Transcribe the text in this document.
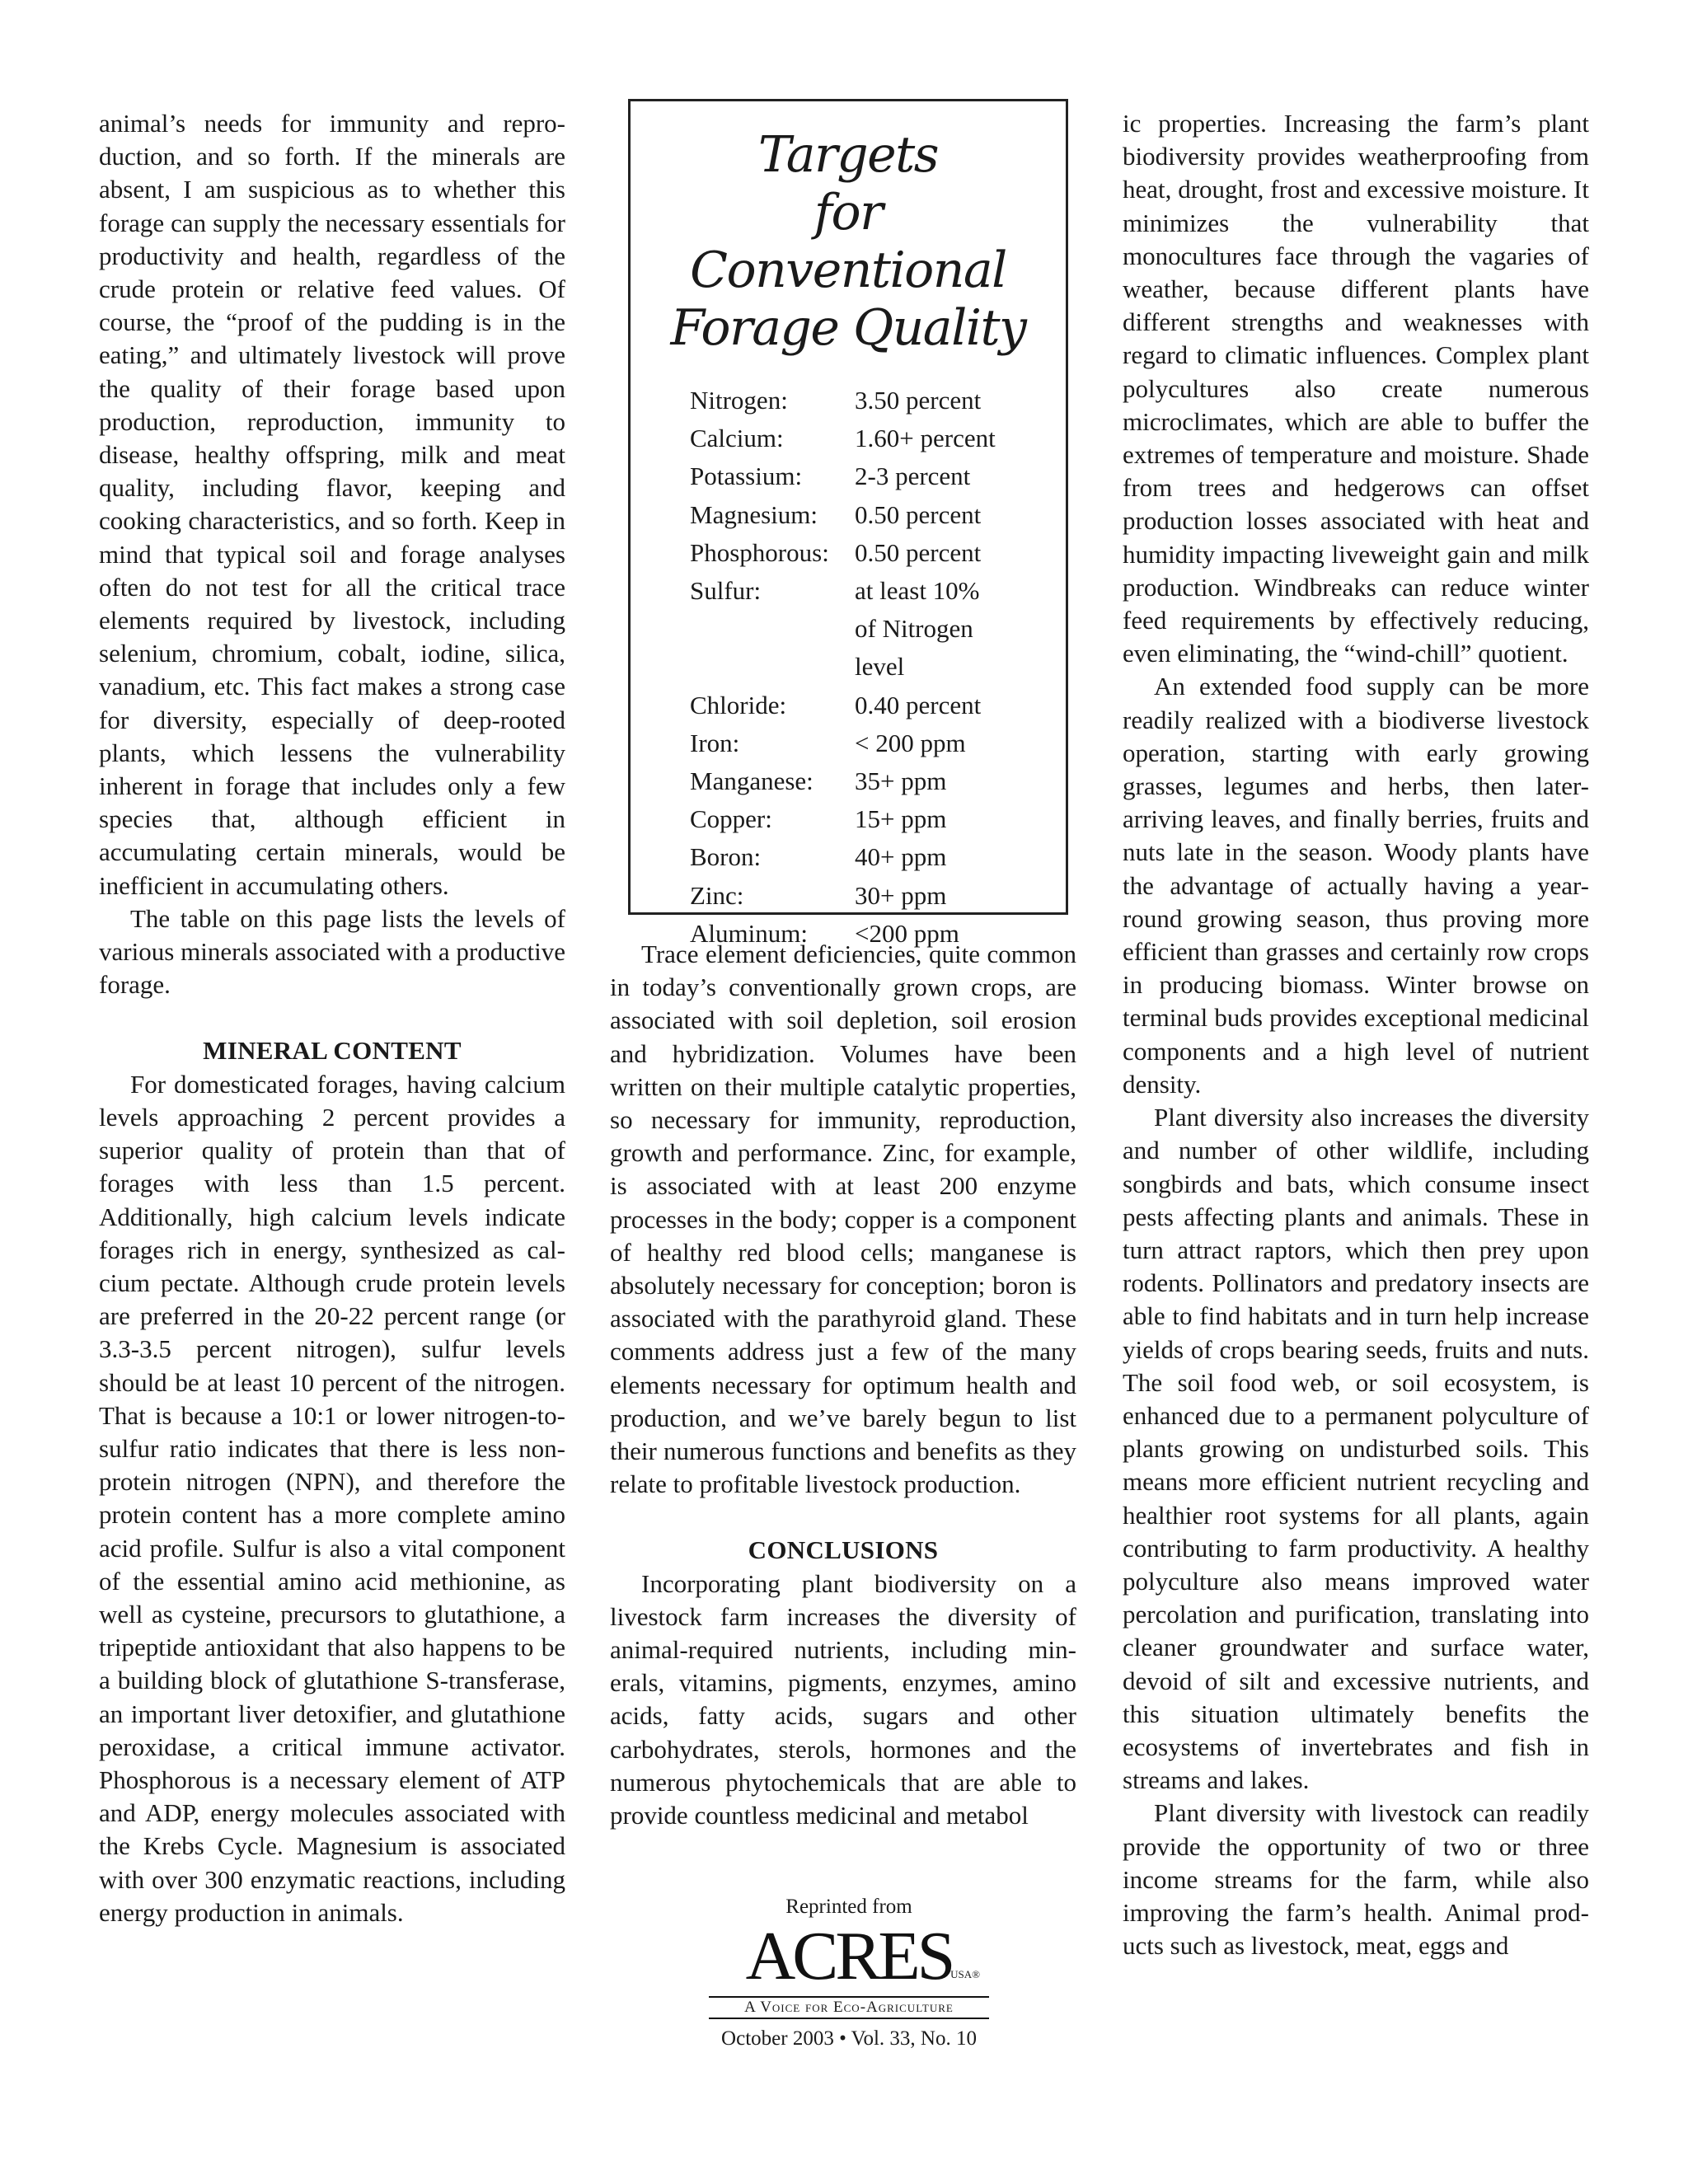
animal’s needs for immunity and reproduction, and so forth. If the minerals are absent, I am suspicious as to whether this forage can supply the necessary essentials for productivity and health, regardless of the crude protein or relative feed values. Of course, the “proof of the pudding is in the eating,” and ultimately livestock will prove the quality of their forage based upon production, reproduction, immunity to disease, healthy offspring, milk and meat quality, including flavor, keeping and cooking characteristics, and so forth. Keep in mind that typical soil and forage analyses often do not test for all the critical trace elements required by livestock, including selenium, chromium, cobalt, iodine, silica, vanadium, etc. This fact makes a strong case for diversity, especially of deep-rooted plants, which lessens the vulnerability inherent in forage that includes only a few species that, although efficient in accumulating certain minerals, would be inefficient in accumulating others.

The table on this page lists the levels of various minerals associated with a productive forage.

MINERAL CONTENT

For domesticated forages, having calcium levels approaching 2 percent provides a superior quality of protein than that of forages with less than 1.5 percent. Additionally, high calcium levels indicate forages rich in energy, synthesized as calcium pectate. Although crude protein levels are preferred in the 20-22 percent range (or 3.3-3.5 percent nitrogen), sulfur levels should be at least 10 percent of the nitrogen. That is because a 10:1 or lower nitrogen-to-sulfur ratio indicates that there is less non-protein nitrogen (NPN), and therefore the protein content has a more complete amino acid profile. Sulfur is also a vital component of the essential amino acid methionine, as well as cysteine, precursors to glutathione, a tripeptide antioxidant that also happens to be a building block of glutathione S-transferase, an important liver detoxifier, and glutathione peroxidase, a critical immune activator. Phosphorous is a necessary element of ATP and ADP, energy molecules associated with the Krebs Cycle. Magnesium is associated with over 300 enzymatic reactions, including energy production in animals.

Targets
for Conventional
Forage Quality
Nitrogen:	3.50 percent
Calcium:	1.60+ percent
Potassium:	2-3 percent
Magnesium:	0.50 percent
Phosphorous:	0.50 percent
Sulfur:	at least 10%
of Nitrogen
level
Chloride:	0.40 percent
Iron:	< 200 ppm
Manganese:	35+ ppm
Copper:	15+ ppm
Boron:	40+ ppm
Zinc:	30+ ppm
Aluminum:	<200 ppm

Trace element deficiencies, quite common in today’s conventionally grown crops, are associated with soil depletion, soil erosion and hybridization. Volumes have been written on their multiple catalytic properties, so necessary for immunity, reproduction, growth and performance. Zinc, for example, is associated with at least 200 enzyme processes in the body; copper is a component of healthy red blood cells; manganese is absolutely necessary for conception; boron is associated with the parathyroid gland. These comments address just a few of the many elements necessary for optimum health and production, and we’ve barely begun to list their numerous functions and benefits as they relate to profitable livestock production.

CONCLUSIONS

Incorporating plant biodiversity on a livestock farm increases the diversity of animal-required nutrients, including minerals, vitamins, pigments, enzymes, amino acids, fatty acids, sugars and other carbohydrates, sterols, hormones and the numerous phytochemicals that are able to provide countless medicinal and metabol

Reprinted from
ACRES
USA®
A Voice for Eco-Agriculture
October 2003 • Vol. 33, No. 10

ic properties. Increasing the farm’s plant biodiversity provides weatherproofing from heat, drought, frost and excessive moisture. It minimizes the vulnerability that monocultures face through the vagaries of weather, because different plants have different strengths and weaknesses with regard to climatic influences. Complex plant polycultures also create numerous microclimates, which are able to buffer the extremes of temperature and moisture. Shade from trees and hedgerows can offset production losses associated with heat and humidity impacting liveweight gain and milk production. Windbreaks can reduce winter feed requirements by effectively reducing, even eliminating, the “wind-chill” quotient.

An extended food supply can be more readily realized with a biodiverse livestock operation, starting with early growing grasses, legumes and herbs, then later-arriving leaves, and finally berries, fruits and nuts late in the season. Woody plants have the advantage of actually having a year-round growing season, thus proving more efficient than grasses and certainly row crops in producing biomass. Winter browse on terminal buds provides exceptional medicinal components and a high level of nutrient density.

Plant diversity also increases the diversity and number of other wildlife, including songbirds and bats, which consume insect pests affecting plants and animals. These in turn attract raptors, which then prey upon rodents. Pollinators and predatory insects are able to find habitats and in turn help increase yields of crops bearing seeds, fruits and nuts. The soil food web, or soil ecosystem, is enhanced due to a permanent polyculture of plants growing on undisturbed soils. This means more efficient nutrient recycling and healthier root systems for all plants, again contributing to farm productivity. A healthy polyculture also means improved water percolation and purification, translating into cleaner groundwater and surface water, devoid of silt and excessive nutrients, and this situation ultimately benefits the ecosystems of invertebrates and fish in streams and lakes.

Plant diversity with livestock can readily provide the opportunity of two or three income streams for the farm, while also improving the farm’s health. Animal products such as livestock, meat, eggs and
